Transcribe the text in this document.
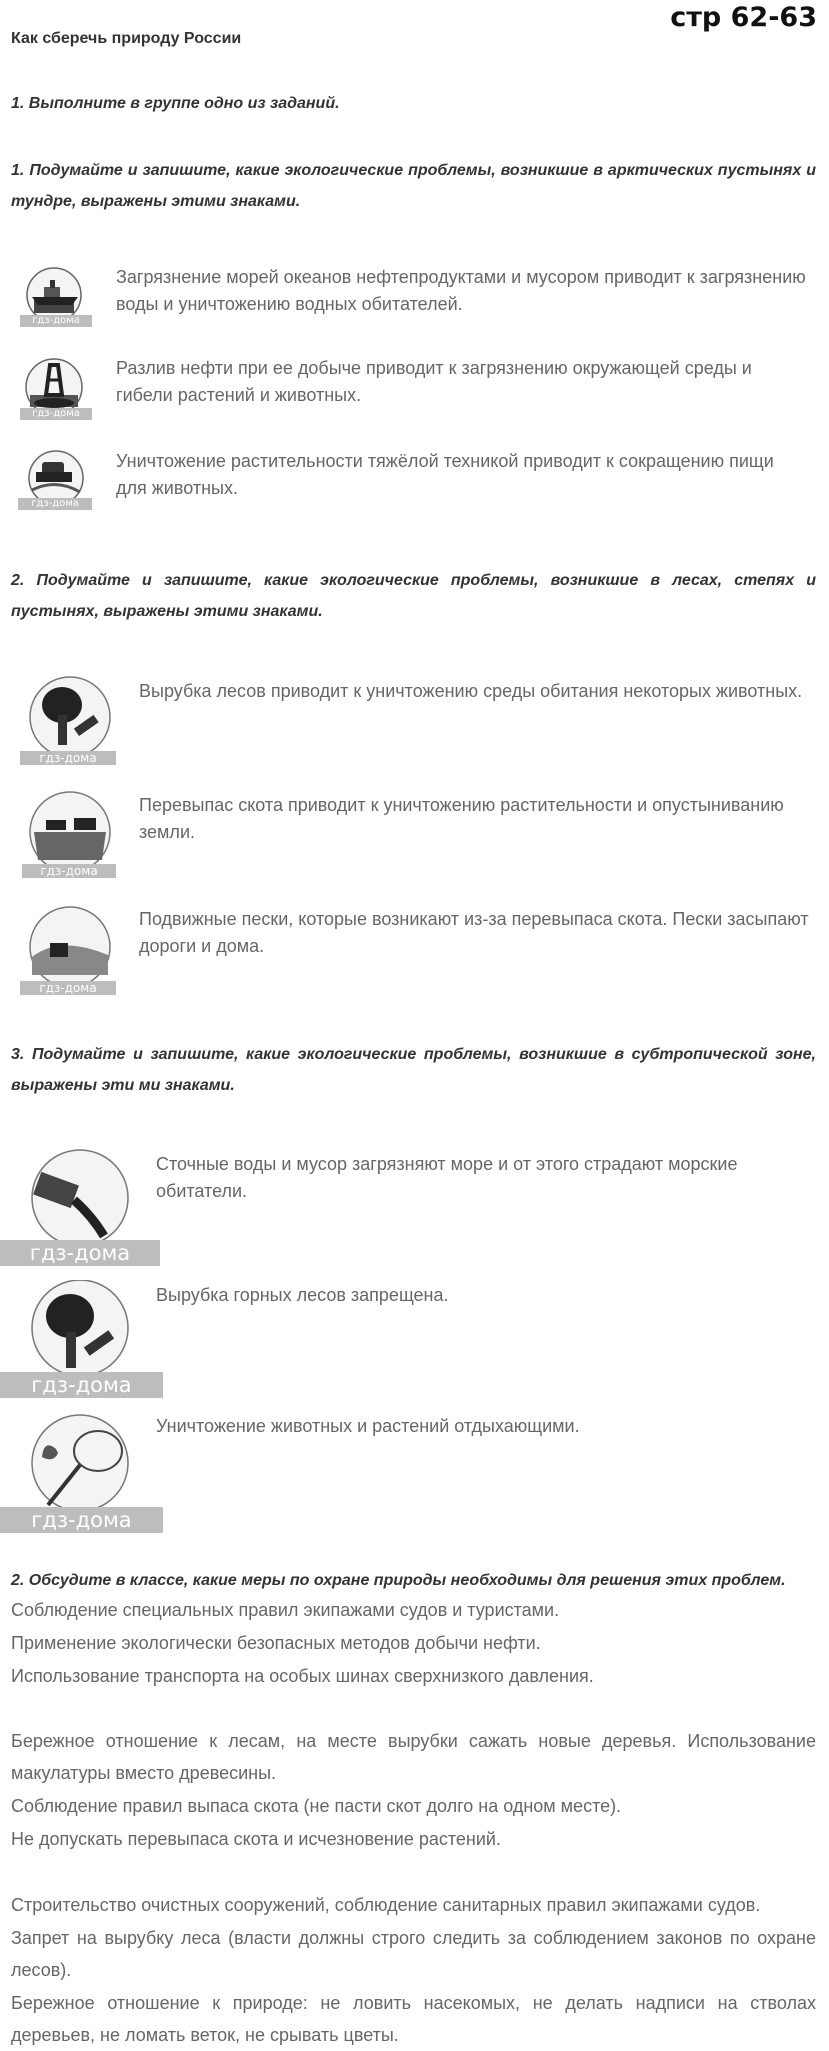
стр 62-63
Как сберечь природу России
1. Выполните в группе одно из заданий.
1. Подумайте и запишите, какие экологические проблемы, возникшие в арктических пустынях и тундре, выражены этими знаками.
гдз-дома
Загрязнение морей океанов нефтепродуктами и мусором приводит к загрязнению воды и уничтожению водных обитателей.
гдз-дома
Разлив нефти при ее добыче приводит к загрязнению окружающей среды и гибели растений и животных.
гдз-дома
Уничтожение растительности тяжёлой техникой приводит к сокращению пищи для животных.
2. Подумайте и запишите, какие экологические проблемы, возникшие в лесах, степях и пустынях, выражены этими знаками.
гдз-дома
Вырубка лесов приводит к уничтожению среды обитания некоторых животных.
гдз-дома
Перевыпас скота приводит к уничтожению растительности и опустыниванию земли.
гдз-дома
Подвижные пески, которые возникают из-за перевыпаса скота. Пески засыпают дороги и дома.
3. Подумайте и запишите, какие экологические проблемы, возникшие в субтропической зоне, выражены эти ми знаками.
гдз-дома
Сточные воды и мусор загрязняют море и от этого страдают морские обитатели.
гдз-дома
Вырубка горных лесов запрещена.
гдз-дома
Уничтожение животных и растений отдыхающими.
2. Обсудите в классе, какие меры по охране природы необходимы для решения этих проблем.
Соблюдение специальных правил экипажами судов и туристами.
Применение экологически безопасных методов добычи нефти.
Использование транспорта на особых шинах сверхнизкого давления.
Бережное отношение к лесам, на месте вырубки сажать новые деревья. Использование макулатуры вместо древесины.
Соблюдение правил выпаса скота (не пасти скот долго на одном месте).
Не допускать перевыпаса скота и исчезновение растений.
Строительство очистных сооружений, соблюдение санитарных правил экипажами судов.
Запрет на вырубку леса (власти должны строго следить за соблюдением законов по охране лесов).
Бережное отношение к природе: не ловить насекомых, не делать надписи на стволах деревьев, не ломать веток, не срывать цветы.
